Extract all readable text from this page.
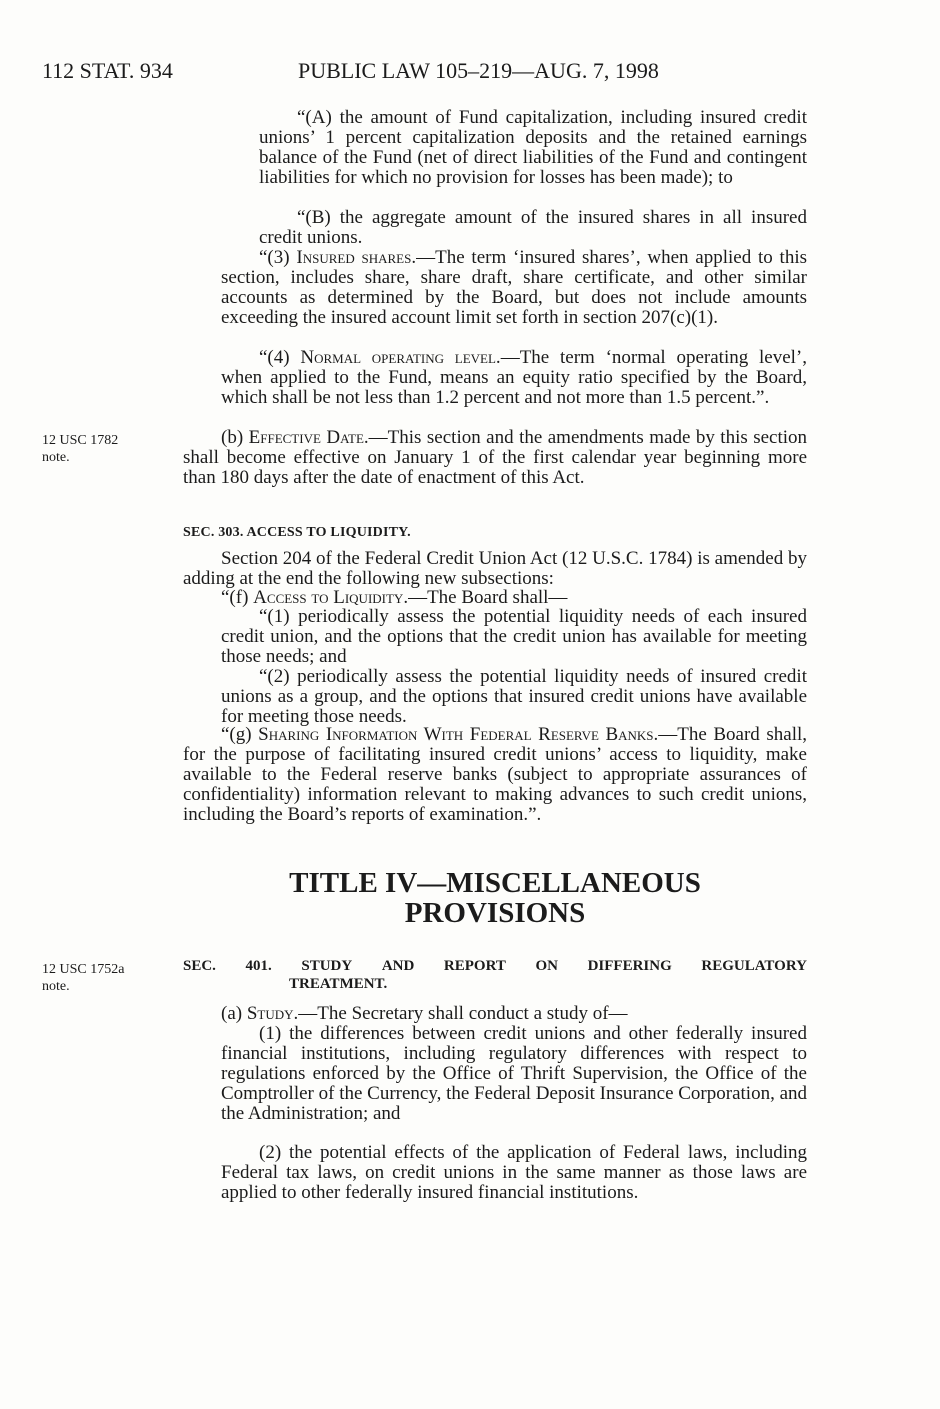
112 STAT. 934	PUBLIC LAW 105–219—AUG. 7, 1998
12 USC 1782
note.
12 USC 1752a
note.

“(A) the amount of Fund capitalization, including insured credit unions’ 1 percent capitalization deposits and the retained earnings balance of the Fund (net of direct liabilities of the Fund and contingent liabilities for which no provision for losses has been made); to

“(B) the aggregate amount of the insured shares in all insured credit unions.

“(3) Insured shares.—The term ‘insured shares’, when applied to this section, includes share, share draft, share certificate, and other similar accounts as determined by the Board, but does not include amounts exceeding the insured account limit set forth in section 207(c)(1).

“(4) Normal operating level.—The term ‘normal operating level’, when applied to the Fund, means an equity ratio specified by the Board, which shall be not less than 1.2 percent and not more than 1.5 percent.”.

(b) Effective Date.—This section and the amendments made by this section shall become effective on January 1 of the first calendar year beginning more than 180 days after the date of enactment of this Act.

SEC. 303. ACCESS TO LIQUIDITY.

Section 204 of the Federal Credit Union Act (12 U.S.C. 1784) is amended by adding at the end the following new subsections:

“(f) Access to Liquidity.—The Board shall—

“(1) periodically assess the potential liquidity needs of each insured credit union, and the options that the credit union has available for meeting those needs; and

“(2) periodically assess the potential liquidity needs of insured credit unions as a group, and the options that insured credit unions have available for meeting those needs.

“(g) Sharing Information With Federal Reserve Banks.—The Board shall, for the purpose of facilitating insured credit unions’ access to liquidity, make available to the Federal reserve banks (subject to appropriate assurances of confidentiality) information relevant to making advances to such credit unions, including the Board’s reports of examination.”.

TITLE IV—MISCELLANEOUS
PROVISIONS
SEC. 401. STUDY AND REPORT ON DIFFERING REGULATORY
TREATMENT.

(a) Study.—The Secretary shall conduct a study of—

(1) the differences between credit unions and other federally insured financial institutions, including regulatory differences with respect to regulations enforced by the Office of Thrift Supervision, the Office of the Comptroller of the Currency, the Federal Deposit Insurance Corporation, and the Administration; and

(2) the potential effects of the application of Federal laws, including Federal tax laws, on credit unions in the same manner as those laws are applied to other federally insured financial institutions.
